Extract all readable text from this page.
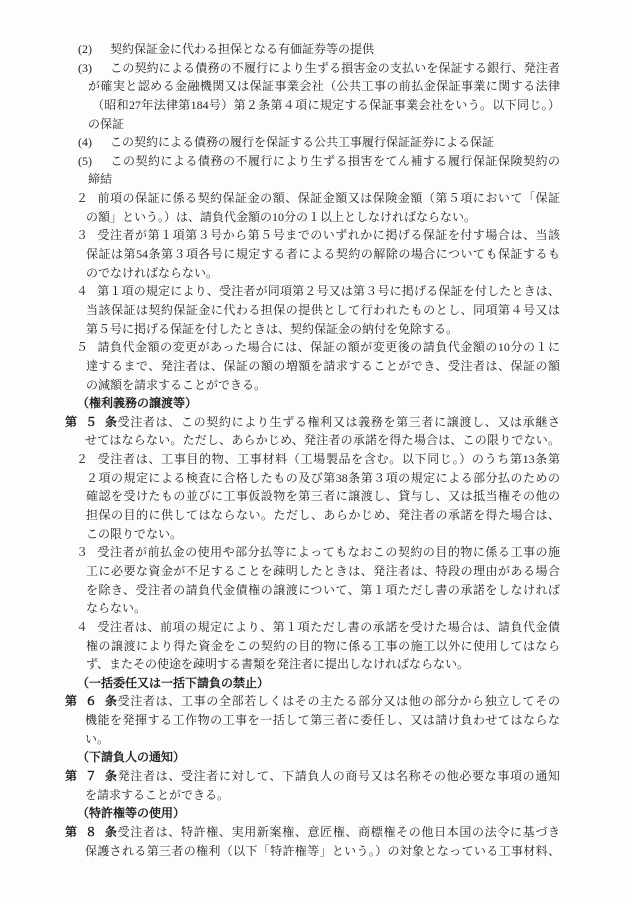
(2) 契約保証金に代わる担保となる有価証券等の提供
(3) この契約による債務の不履行により生ずる損害金の支払いを保証する銀行、発注者
が確実と認める金融機関又は保証事業会社（公共工事の前払金保証事業に関する法律
（昭和27年法律第184号）第２条第４項に規定する保証事業会社をいう。以下同じ。）
の保証
(4) この契約による債務の履行を保証する公共工事履行保証証券による保証
(5) この契約による債務の不履行により生ずる損害をてん補する履行保証保険契約の
締結
２ 前項の保証に係る契約保証金の額、保証金額又は保険金額（第５項において「保証
の額」という。）は、請負代金額の10分の１以上としなければならない。
３ 受注者が第１項第３号から第５号までのいずれかに掲げる保証を付す場合は、当該
保証は第54条第３項各号に規定する者による契約の解除の場合についても保証するも
のでなければならない。
４ 第１項の規定により、受注者が同項第２号又は第３号に掲げる保証を付したときは、
当該保証は契約保証金に代わる担保の提供として行われたものとし、同項第４号又は
第５号に掲げる保証を付したときは、契約保証金の納付を免除する。
５ 請負代金額の変更があった場合には、保証の額が変更後の請負代金額の10分の１に
達するまで、発注者は、保証の額の増額を請求することができ、受注者は、保証の額
の減額を請求することができる。
（権利義務の譲渡等）
第５条受注者は、この契約により生ずる権利又は義務を第三者に譲渡し、又は承継さ
せてはならない。ただし、あらかじめ、発注者の承諾を得た場合は、この限りでない。
２ 受注者は、工事目的物、工事材料（工場製品を含む。以下同じ。）のうち第13条第
２項の規定による検査に合格したもの及び第38条第３項の規定による部分払のための
確認を受けたもの並びに工事仮設物を第三者に譲渡し、貸与し、又は抵当権その他の
担保の目的に供してはならない。ただし、あらかじめ、発注者の承諾を得た場合は、
この限りでない。
３ 受注者が前払金の使用や部分払等によってもなおこの契約の目的物に係る工事の施
工に必要な資金が不足することを疎明したときは、発注者は、特段の理由がある場合
を除き、受注者の請負代金債権の譲渡について、第１項ただし書の承諾をしなければ
ならない。
４ 受注者は、前項の規定により、第１項ただし書の承諾を受けた場合は、請負代金債
権の譲渡により得た資金をこの契約の目的物に係る工事の施工以外に使用してはなら
ず、またその使途を疎明する書類を発注者に提出しなければならない。
（一括委任又は一括下請負の禁止）
第６条受注者は、工事の全部若しくはその主たる部分又は他の部分から独立してその
機能を発揮する工作物の工事を一括して第三者に委任し、又は請け負わせてはならな
い。
（下請負人の通知）
第７条発注者は、受注者に対して、下請負人の商号又は名称その他必要な事項の通知
を請求することができる。
（特許権等の使用）
第８条受注者は、特許権、実用新案権、意匠権、商標権その他日本国の法令に基づき
保護される第三者の権利（以下「特許権等」という。）の対象となっている工事材料、
